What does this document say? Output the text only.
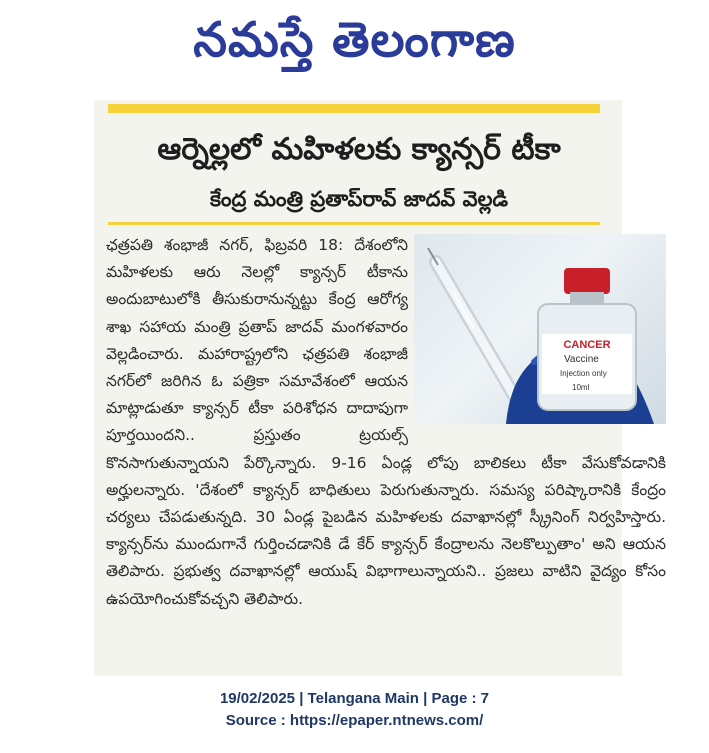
నమస్తే తెలంగాణ
ఆర్నెల్లలో మహిళలకు క్యాన్సర్ టీకా
కేంద్ర మంత్రి ప్రతాప్‌రావ్ జాదవ్ వెల్లడి
CANCER
Vaccine
Injection only
10ml
ఛత్రపతి శంభాజీ నగర్, ఫిబ్రవరి 18: దేశంలోని మహిళలకు ఆరు నెలల్లో క్యాన్సర్ టీకాను అందుబాటులోకి తీసుకురానున్నట్టు కేంద్ర ఆరోగ్య శాఖ సహాయ మంత్రి ప్రతాప్ జాదవ్ మంగళవారం వెల్లడించారు. మహారాష్ట్రలోని ఛత్రపతి శంభాజీ నగర్‌లో జరిగిన ఓ పత్రికా సమావేశంలో ఆయన మాట్లాడుతూ క్యాన్సర్ టీకా పరిశోధన దాదాపుగా పూర్తయిందని.. ప్రస్తుతం ట్రయల్స్ కొనసాగుతున్నాయని పేర్కొన్నారు. 9-16 ఏండ్ల లోపు బాలికలు టీకా వేసుకోవడానికి అర్హులన్నారు. 'దేశంలో క్యాన్సర్ బాధితులు పెరుగుతున్నారు. సమస్య పరిష్కారానికి కేంద్రం చర్యలు చేపడుతున్నది. 30 ఏండ్ల పైబడిన మహిళలకు దవాఖానల్లో స్క్రీనింగ్ నిర్వహిస్తారు. క్యాన్సర్‌ను ముందుగానే గుర్తించడానికి డే కేర్ క్యాన్సర్ కేంద్రాలను నెలకొల్పుతాం' అని ఆయన తెలిపారు. ప్రభుత్వ దవాఖానల్లో ఆయుష్ విభాగాలున్నాయని.. ప్రజలు వాటిని వైద్యం కోసం ఉపయోగించుకోవచ్చని తెలిపారు.
19/02/2025 | Telangana Main | Page : 7
Source : https://epaper.ntnews.com/
